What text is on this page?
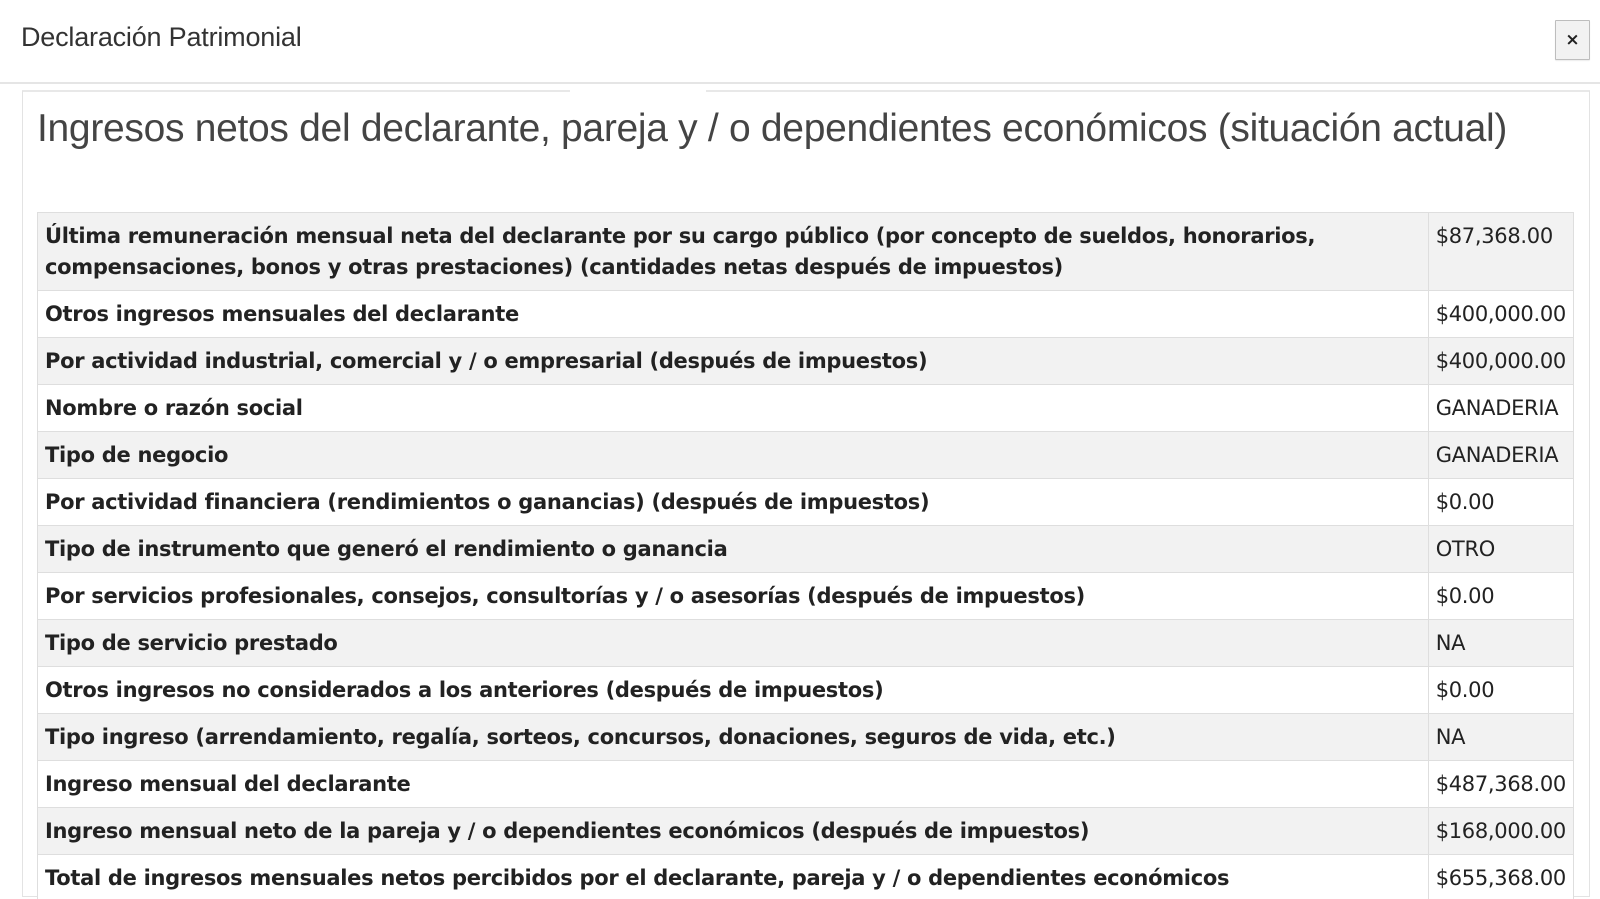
Declaración Patrimonial	×
Ingresos netos del declarante, pareja y / o dependientes económicos (situación actual)
Última remuneración mensual neta del declarante por su cargo público (por concepto de sueldos, honorarios, compensaciones, bonos y otras prestaciones) (cantidades netas después de impuestos)	$87,368.00
Otros ingresos mensuales del declarante	$400,000.00
Por actividad industrial, comercial y / o empresarial (después de impuestos)	$400,000.00
Nombre o razón social	GANADERIA
Tipo de negocio	GANADERIA
Por actividad financiera (rendimientos o ganancias) (después de impuestos)	$0.00
Tipo de instrumento que generó el rendimiento o ganancia	OTRO
Por servicios profesionales, consejos, consultorías y / o asesorías (después de impuestos)	$0.00
Tipo de servicio prestado	NA
Otros ingresos no considerados a los anteriores (después de impuestos)	$0.00
Tipo ingreso (arrendamiento, regalía, sorteos, concursos, donaciones, seguros de vida, etc.)	NA
Ingreso mensual del declarante	$487,368.00
Ingreso mensual neto de la pareja y / o dependientes económicos (después de impuestos)	$168,000.00
Total de ingresos mensuales netos percibidos por el declarante, pareja y / o dependientes económicos	$655,368.00
